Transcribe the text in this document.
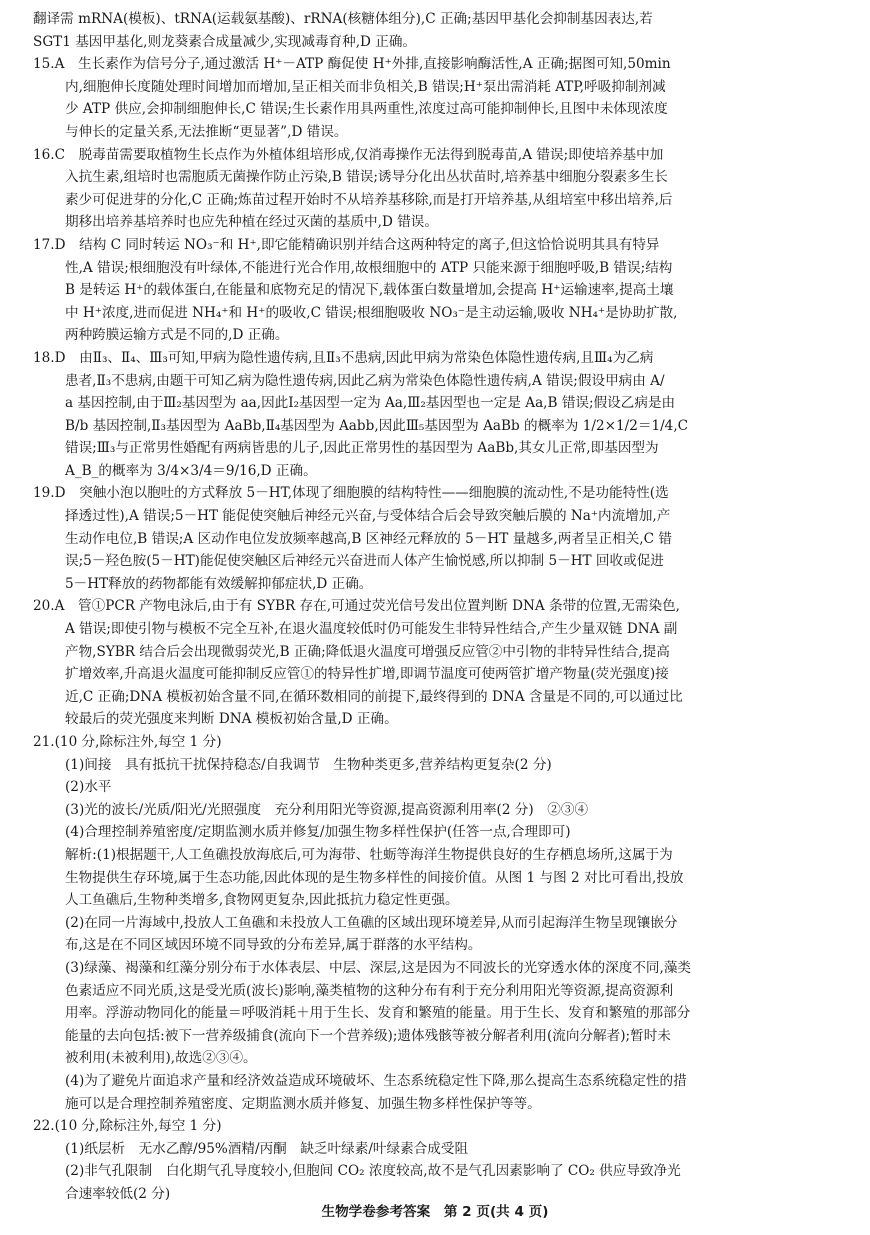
翻译需 mRNA(模板)、tRNA(运载氨基酸)、rRNA(核糖体组分),C 正确;基因甲基化会抑制基因表达,若

SGT1 基因甲基化,则龙葵素合成量减少,实现减毒育种,D 正确。

15.A　生长素作为信号分子,通过激活 H⁺－ATP 酶促使 H⁺外排,直接影响酶活性,A 正确;据图可知,50min

内,细胞伸长度随处理时间增加而增加,呈正相关而非负相关,B 错误;H⁺泵出需消耗 ATP,呼吸抑制剂减

少 ATP 供应,会抑制细胞伸长,C 错误;生长素作用具两重性,浓度过高可能抑制伸长,且图中未体现浓度

与伸长的定量关系,无法推断“更显著”,D 错误。

16.C　脱毒苗需要取植物生长点作为外植体组培形成,仅消毒操作无法得到脱毒苗,A 错误;即使培养基中加

入抗生素,组培时也需胞质无菌操作防止污染,B 错误;诱导分化出丛状苗时,培养基中细胞分裂素多生长

素少可促进芽的分化,C 正确;炼苗过程开始时不从培养基移除,而是打开培养基,从组培室中移出培养,后

期移出培养基培养时也应先种植在经过灭菌的基质中,D 错误。

17.D　结构 C 同时转运 NO₃⁻和 H⁺,即它能精确识别并结合这两种特定的离子,但这恰恰说明其具有特异

性,A 错误;根细胞没有叶绿体,不能进行光合作用,故根细胞中的 ATP 只能来源于细胞呼吸,B 错误;结构

B 是转运 H⁺的载体蛋白,在能量和底物充足的情况下,载体蛋白数量增加,会提高 H⁺运输速率,提高土壤

中 H⁺浓度,进而促进 NH₄⁺和 H⁺的吸收,C 错误;根细胞吸收 NO₃⁻是主动运输,吸收 NH₄⁺是协助扩散,

两种跨膜运输方式是不同的,D 正确。

18.D　由Ⅱ₃、Ⅱ₄、Ⅲ₃可知,甲病为隐性遗传病,且Ⅱ₃不患病,因此甲病为常染色体隐性遗传病,且Ⅲ₄为乙病

患者,Ⅱ₃不患病,由题干可知乙病为隐性遗传病,因此乙病为常染色体隐性遗传病,A 错误;假设甲病由 A/

a 基因控制,由于Ⅲ₂基因型为 aa,因此Ⅰ₂基因型一定为 Aa,Ⅲ₂基因型也一定是 Aa,B 错误;假设乙病是由

B/b 基因控制,Ⅱ₃基因型为 AaBb,Ⅱ₄基因型为 Aabb,因此Ⅲ₅基因型为 AaBb 的概率为 1/2×1/2＝1/4,C

错误;Ⅲ₃与正常男性婚配有两病皆患的儿子,因此正常男性的基因型为 AaBb,其女儿正常,即基因型为

A_B_的概率为 3/4×3/4＝9/16,D 正确。

19.D　突触小泡以胞吐的方式释放 5－HT,体现了细胞膜的结构特性——细胞膜的流动性,不是功能特性(选

择透过性),A 错误;5－HT 能促使突触后神经元兴奋,与受体结合后会导致突触后膜的 Na⁺内流增加,产

生动作电位,B 错误;A 区动作电位发放频率越高,B 区神经元释放的 5－HT 量越多,两者呈正相关,C 错

误;5－羟色胺(5－HT)能促使突触区后神经元兴奋进而人体产生愉悦感,所以抑制 5－HT 回收或促进

5－HT释放的药物都能有效缓解抑郁症状,D 正确。

20.A　管①PCR 产物电泳后,由于有 SYBR 存在,可通过荧光信号发出位置判断 DNA 条带的位置,无需染色,

A 错误;即使引物与模板不完全互补,在退火温度较低时仍可能发生非特异性结合,产生少量双链 DNA 副

产物,SYBR 结合后会出现微弱荧光,B 正确;降低退火温度可增强反应管②中引物的非特异性结合,提高

扩增效率,升高退火温度可能抑制反应管①的特异性扩增,即调节温度可使两管扩增产物量(荧光强度)接

近,C 正确;DNA 模板初始含量不同,在循环数相同的前提下,最终得到的 DNA 含量是不同的,可以通过比

较最后的荧光强度来判断 DNA 模板初始含量,D 正确。

21.(10 分,除标注外,每空 1 分)

(1)间接　具有抵抗干扰保持稳态/自我调节　生物种类更多,营养结构更复杂(2 分)

(2)水平

(3)光的波长/光质/阳光/光照强度　充分利用阳光等资源,提高资源利用率(2 分)　②③④

(4)合理控制养殖密度/定期监测水质并修复/加强生物多样性保护(任答一点,合理即可)

解析:(1)根据题干,人工鱼礁投放海底后,可为海带、牡蛎等海洋生物提供良好的生存栖息场所,这属于为

生物提供生存环境,属于生态功能,因此体现的是生物多样性的间接价值。从图 1 与图 2 对比可看出,投放

人工鱼礁后,生物种类增多,食物网更复杂,因此抵抗力稳定性更强。

(2)在同一片海域中,投放人工鱼礁和未投放人工鱼礁的区域出现环境差异,从而引起海洋生物呈现镶嵌分

布,这是在不同区域因环境不同导致的分布差异,属于群落的水平结构。

(3)绿藻、褐藻和红藻分别分布于水体表层、中层、深层,这是因为不同波长的光穿透水体的深度不同,藻类

色素适应不同光质,这是受光质(波长)影响,藻类植物的这种分布有利于充分利用阳光等资源,提高资源利

用率。浮游动物同化的能量＝呼吸消耗＋用于生长、发育和繁殖的能量。用于生长、发育和繁殖的那部分

能量的去向包括:被下一营养级捕食(流向下一个营养级);遗体残骸等被分解者利用(流向分解者);暂时未

被利用(未被利用),故选②③④。

(4)为了避免片面追求产量和经济效益造成环境破坏、生态系统稳定性下降,那么提高生态系统稳定性的措

施可以是合理控制养殖密度、定期监测水质并修复、加强生物多样性保护等等。

22.(10 分,除标注外,每空 1 分)

(1)纸层析　无水乙醇/95%酒精/丙酮　缺乏叶绿素/叶绿素合成受阻

(2)非气孔限制　白化期气孔导度较小,但胞间 CO₂ 浓度较高,故不是气孔因素影响了 CO₂ 供应导致净光

合速率较低(2 分)

生物学卷参考答案　第 2 页(共 4 页)
